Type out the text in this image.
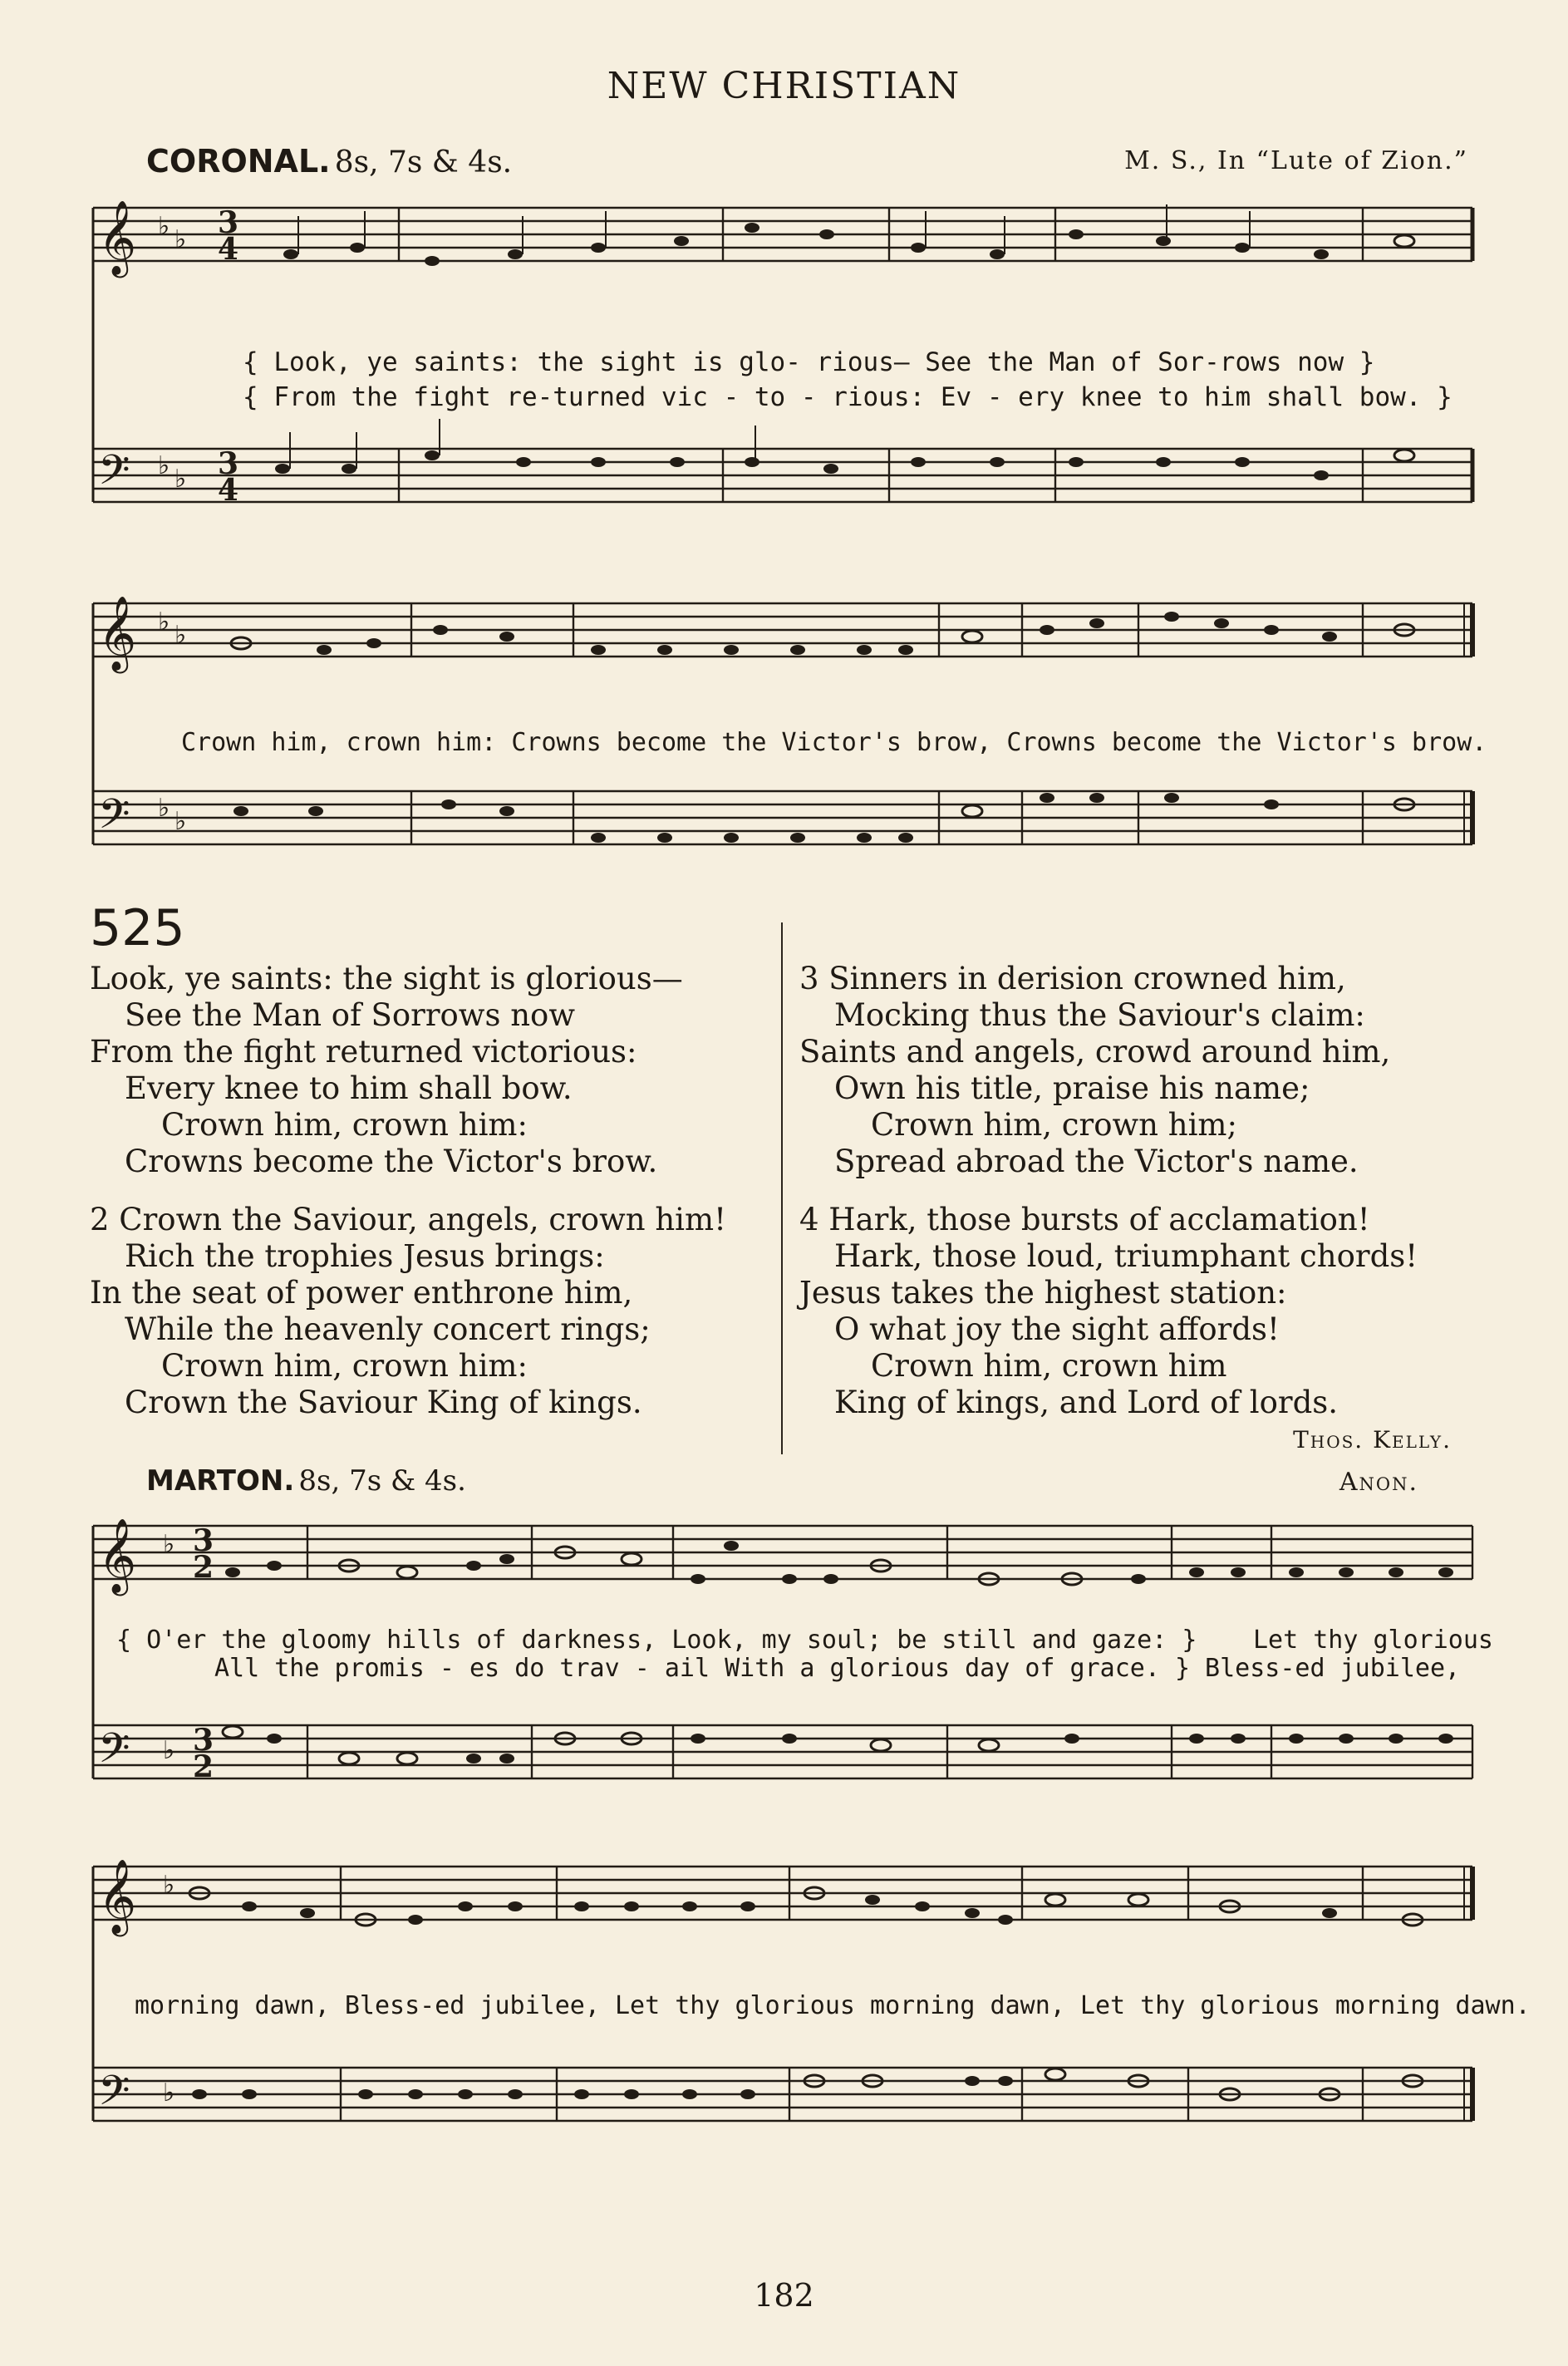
NEW CHRISTIAN
CORONAL. 8s, 7s & 4s.	M. S., In “Lute of Zion.”
𝄞
𝄢
♭ ♭
♭ ♭
3
4
3
4
{ Look, ye saints: the sight is glo- rious— See the Man of Sor-rows now }
{ From the fight re-turned vic - to - rious: Ev - ery knee to him shall bow. }
𝄞
𝄢
♭ ♭
♭ ♭
Crown him, crown him: Crowns become the Victor's brow, Crowns become the Victor's brow.
525
Look, ye saints: the sight is glorious—
See the Man of Sorrows now
From the fight returned victorious:
Every knee to him shall bow.
Crown him, crown him:
Crowns become the Victor's brow.
2 Crown the Saviour, angels, crown him!
Rich the trophies Jesus brings:
In the seat of power enthrone him,
While the heavenly concert rings;
Crown him, crown him:
Crown the Saviour King of kings.
3 Sinners in derision crowned him,
Mocking thus the Saviour's claim:
Saints and angels, crowd around him,
Own his title, praise his name;
Crown him, crown him;
Spread abroad the Victor's name.
4 Hark, those bursts of acclamation!
Hark, those loud, triumphant chords!
Jesus takes the highest station:
O what joy the sight affords!
Crown him, crown him
King of kings, and Lord of lords.
Thos. Kelly.
MARTON. 8s, 7s & 4s.	Anon.
𝄞
𝄢
♭
♭
3
2
3
2
{ O'er the gloomy hills of darkness, Look, my soul; be still and gaze: } Let thy glorious
All the promis - es do trav - ail With a glorious day of grace. } Bless-ed jubilee,
𝄞
𝄢
♭
♭
morning dawn, Bless-ed jubilee, Let thy glorious morning dawn, Let thy glorious morning dawn.
182
